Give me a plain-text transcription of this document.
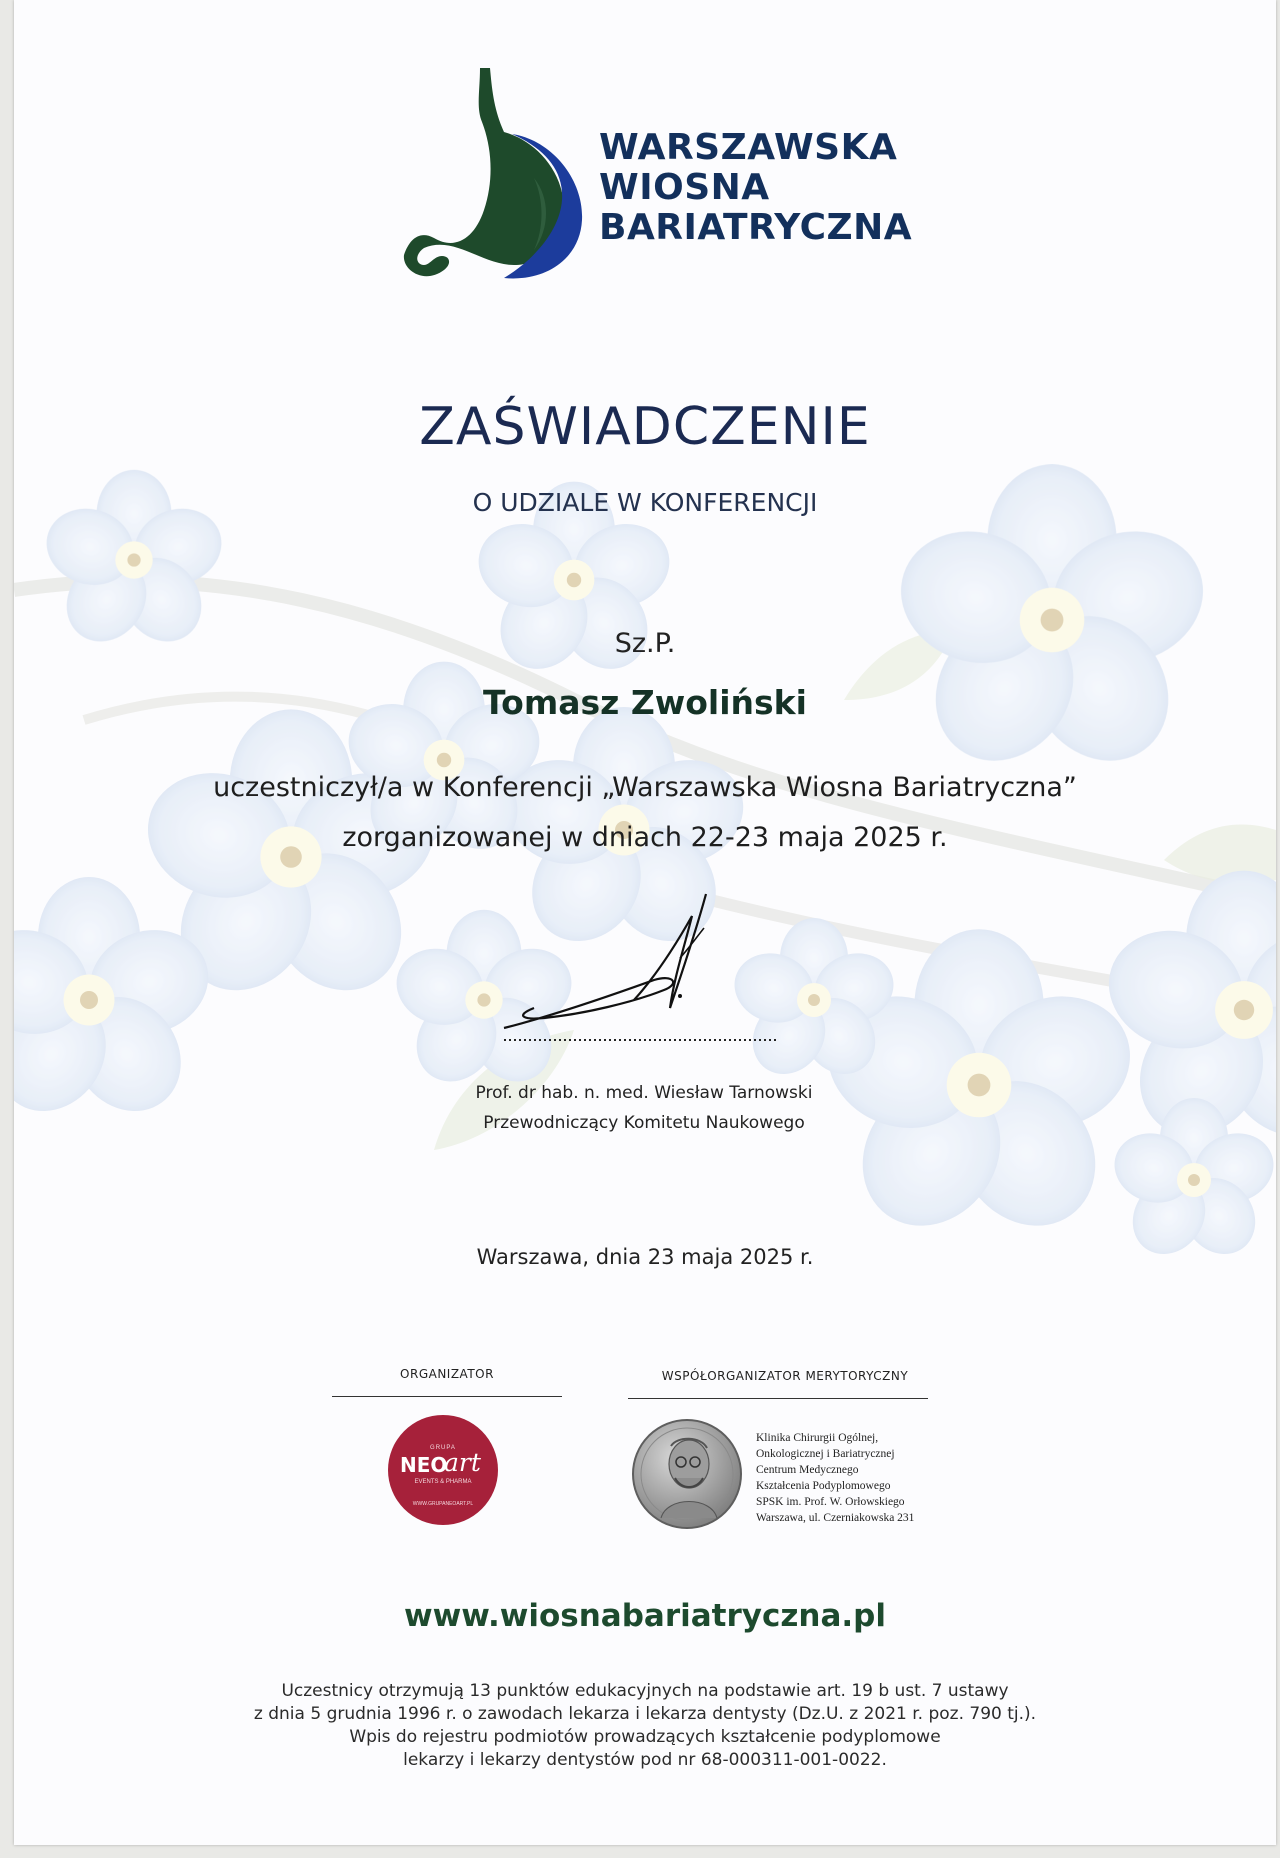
WARSZAWSKA
WIOSNA
BARIATRYCZNA
ZAŚWIADCZENIE
O UDZIALE W KONFERENCJI
Sz.P.
Tomasz Zwoliński
uczestniczył/a w Konferencji „Warszawska Wiosna Bariatryczna”
zorganizowanej w dniach 22-23 maja 2025 r.
Prof. dr hab. n. med. Wiesław Tarnowski
Przewodniczący Komitetu Naukowego
Warszawa, dnia 23 maja 2025 r.
ORGANIZATOR	WSPÓŁORGANIZATOR MERYTORYCZNY
GRUPA
NEO
art
EVENTS & PHARMA
WWW.GRUPANEOART.PL
Klinika Chirurgii Ogólnej,
Onkologicznej i Bariatrycznej
Centrum Medycznego
Kształcenia Podyplomowego
SPSK im. Prof. W. Orłowskiego
Warszawa, ul. Czerniakowska 231
www.wiosnabariatryczna.pl
Uczestnicy otrzymują 13 punktów edukacyjnych na podstawie art. 19 b ust. 7 ustawy
z dnia 5 grudnia 1996 r. o zawodach lekarza i lekarza dentysty (Dz.U. z 2021 r. poz. 790 tj.).
Wpis do rejestru podmiotów prowadzących kształcenie podyplomowe
lekarzy i lekarzy dentystów pod nr 68-000311-001-0022.
